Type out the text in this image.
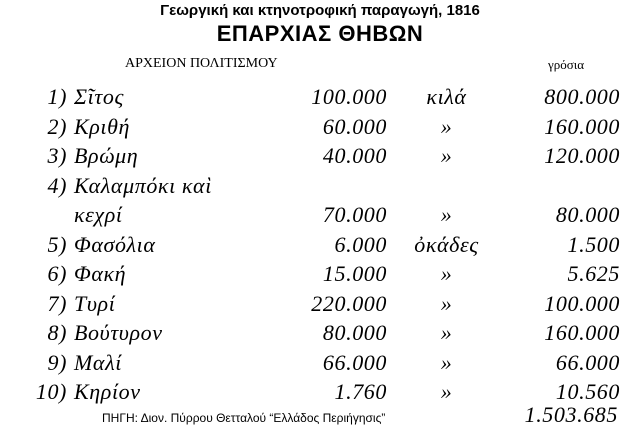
Γεωργική και κτηνοτροφική παραγωγή, 1816
ΕΠΑΡΧΙΑΣ ΘΗΒΩΝ
ΑΡΧΕΙΟΝ ΠΟΛΙΤΙΣΜΟΥ	γρόσια
1) Σῖτος	100.000	κιλά	800.000
2) Κριθή	60.000	»	160.000
3) Βρώμη	40.000	»	120.000
4) Καλαμπόκι καὶ
κεχρί	70.000	»	80.000
5) Φασόλια	6.000	ὀκάδες	1.500
6) Φακή	15.000	»	5.625
7) Τυρί	220.000	»	100.000
8) Βούτυρον	80.000	»	160.000
9) Μαλί	66.000	»	66.000
10) Κηρίον	1.760	»	10.560
ΠΗΓΗ: Διον. Πύρρου Θετταλού “Ελλάδος Περιήγησις”	1.503.685
